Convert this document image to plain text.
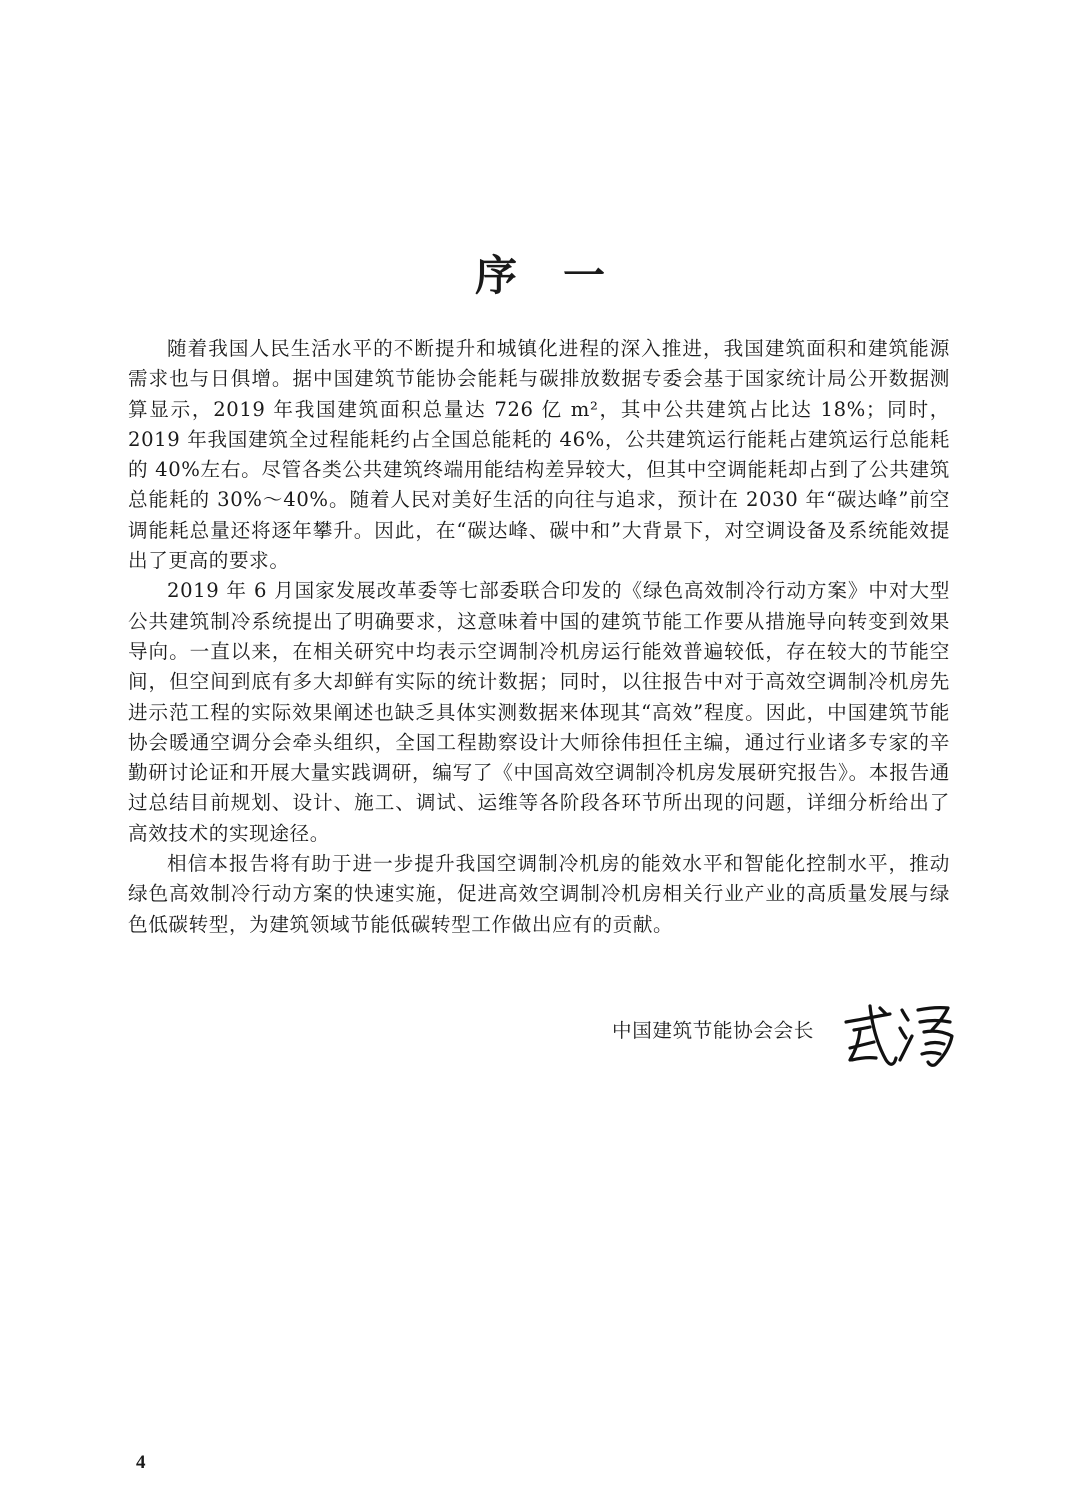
序一

随着我国人民生活水平的不断提升和城镇化进程的深入推进，我国建筑面积和建筑能源需求也与日俱增。据中国建筑节能协会能耗与碳排放数据专委会基于国家统计局公开数据测算显示，2019 年我国建筑面积总量达 726 亿 m²，其中公共建筑占比达 18%；同时，2019 年我国建筑全过程能耗约占全国总能耗的 46%，公共建筑运行能耗占建筑运行总能耗的 40%左右。尽管各类公共建筑终端用能结构差异较大，但其中空调能耗却占到了公共建筑总能耗的 30%～40%。随着人民对美好生活的向往与追求，预计在 2030 年“碳达峰”前空调能耗总量还将逐年攀升。因此，在“碳达峰、碳中和”大背景下，对空调设备及系统能效提出了更高的要求。

2019 年 6 月国家发展改革委等七部委联合印发的《绿色高效制冷行动方案》中对大型公共建筑制冷系统提出了明确要求，这意味着中国的建筑节能工作要从措施导向转变到效果导向。一直以来，在相关研究中均表示空调制冷机房运行能效普遍较低，存在较大的节能空间，但空间到底有多大却鲜有实际的统计数据；同时，以往报告中对于高效空调制冷机房先进示范工程的实际效果阐述也缺乏具体实测数据来体现其“高效”程度。因此，中国建筑节能协会暖通空调分会牵头组织，全国工程勘察设计大师徐伟担任主编，通过行业诸多专家的辛勤研讨论证和开展大量实践调研，编写了《中国高效空调制冷机房发展研究报告》。本报告通过总结目前规划、设计、施工、调试、运维等各阶段各环节所出现的问题，详细分析给出了高效技术的实现途径。

相信本报告将有助于进一步提升我国空调制冷机房的能效水平和智能化控制水平，推动绿色高效制冷行动方案的快速实施，促进高效空调制冷机房相关行业产业的高质量发展与绿色低碳转型，为建筑领域节能低碳转型工作做出应有的贡献。

中国建筑节能协会会长
4
